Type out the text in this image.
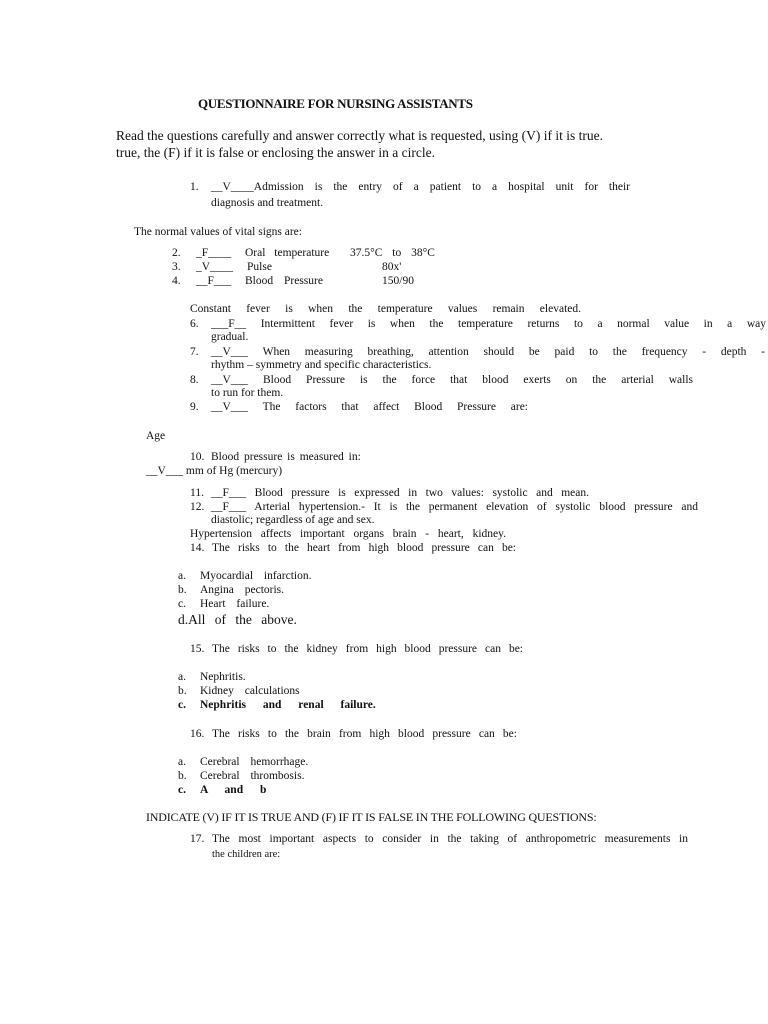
QUESTIONNAIRE FOR NURSING ASSISTANTS
Read the questions carefully and answer correctly what is requested, using (V) if it is true.
true, the (F) if it is false or enclosing the answer in a circle.
1. __V____Admission is the entry of a patient to a hospital unit for their
diagnosis and treatment.
The normal values of vital signs are:
2. _F____ Oral temperature 37.5°C to 38°C
3. _V____ Pulse	80x'
4. __F___ Blood Pressure	150/90
Constant fever is when the temperature values remain elevated.
6. ___F__ Intermittent fever is when the temperature returns to a normal value in a way
gradual.
7. __V___ When measuring breathing, attention should be paid to the frequency - depth -
rhythm – symmetry and specific characteristics.
8. __V___ Blood Pressure is the force that blood exerts on the arterial walls
to run for them.
9. __V___ The factors that affect Blood Pressure are:
Age
10. Blood pressure is measured in:
__V___ mm of Hg (mercury)
11. __F___ Blood pressure is expressed in two values: systolic and mean.
12. __F___ Arterial hypertension.- It is the permanent elevation of systolic blood pressure and
diastolic; regardless of age and sex.
Hypertension affects important organs brain - heart, kidney.
14. The risks to the heart from high blood pressure can be:
a. Myocardial infarction.
b. Angina pectoris.
c. Heart failure.
d.All of the above.
15. The risks to the kidney from high blood pressure can be:
a. Nephritis.
b. Kidney calculations
c. Nephritis and renal failure.
16. The risks to the brain from high blood pressure can be:
a. Cerebral hemorrhage.
b. Cerebral thrombosis.
c. A and b
INDICATE (V) IF IT IS TRUE AND (F) IF IT IS FALSE IN THE FOLLOWING QUESTIONS:
17. The most important aspects to consider in the taking of anthropometric measurements in
the children are:
